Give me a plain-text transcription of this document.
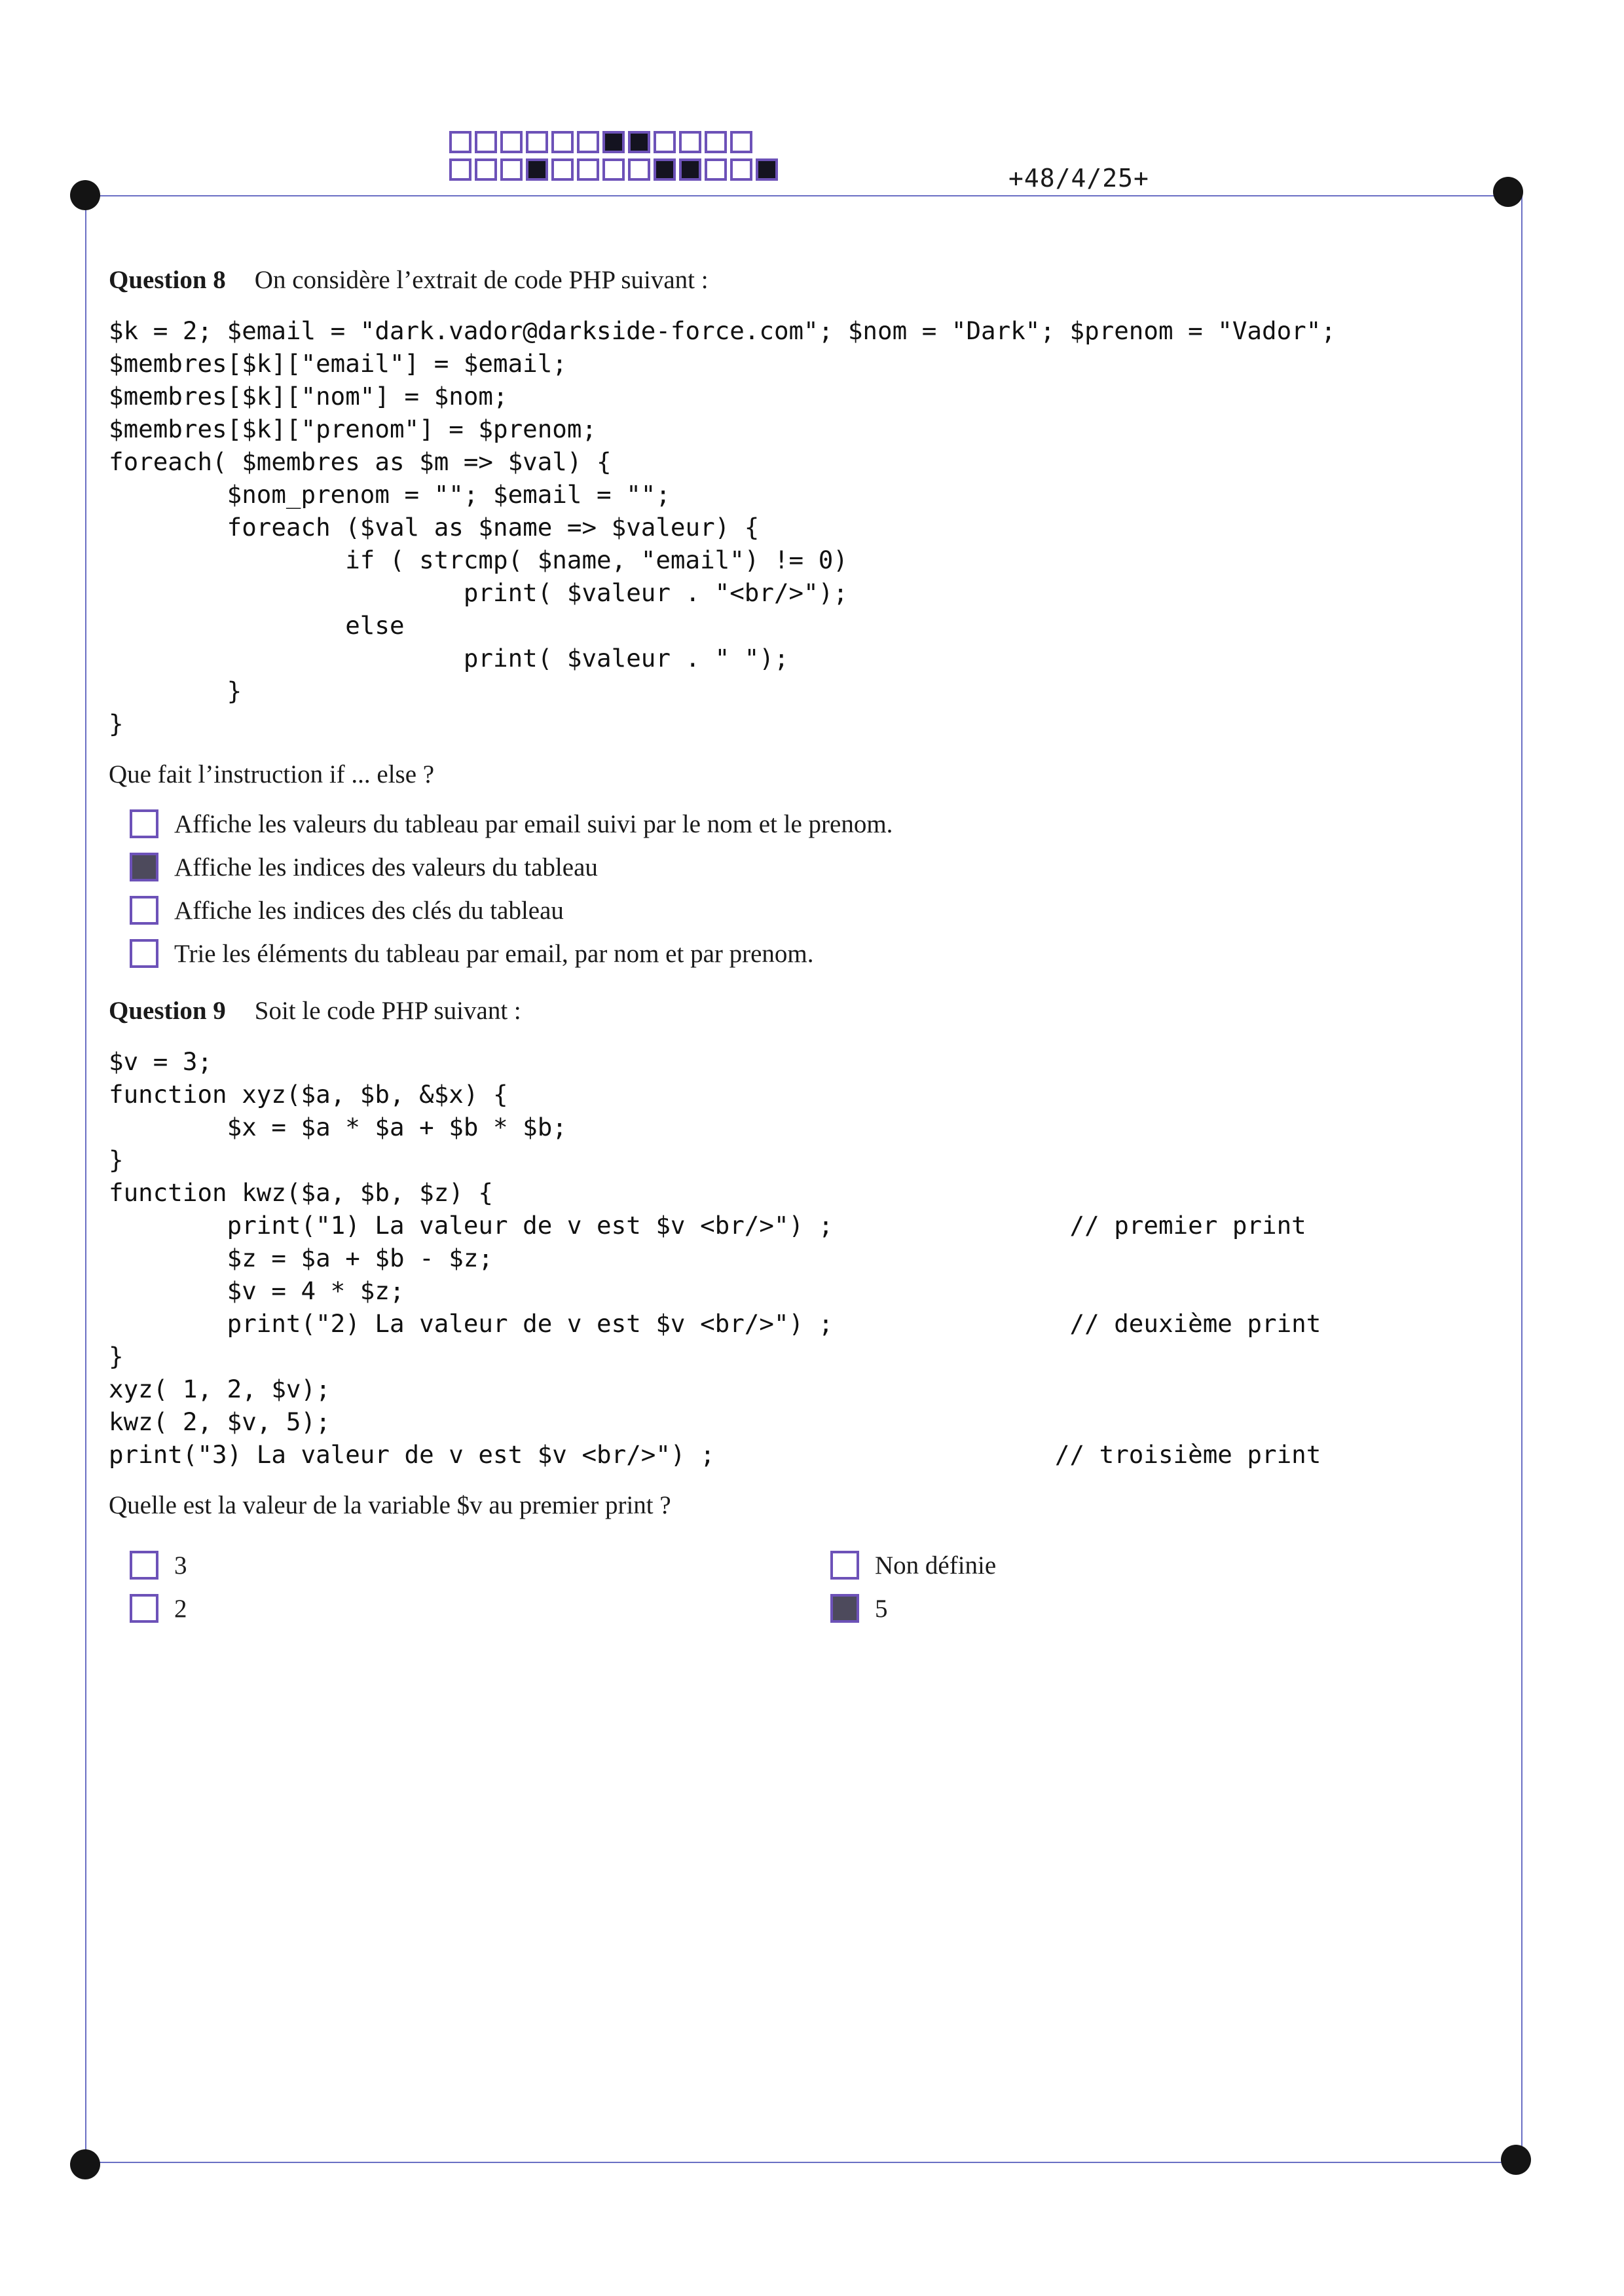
+48/4/25+

Question 8 On considère l’extrait de code PHP suivant :

$k = 2; $email = "dark.vador@darkside-force.com"; $nom = "Dark"; $prenom = "Vador";
$membres[$k]["email"] = $email;
$membres[$k]["nom"] = $nom;
$membres[$k]["prenom"] = $prenom;
foreach( $membres as $m => $val) {
$nom_prenom = ""; $email = "";
foreach ($val as $name => $valeur) {
if ( strcmp( $name, "email") != 0)
print( $valeur . "<br/>");
else
print( $valeur . " ");
}
}

Que fait l’instruction if ... else ?

Affiche les valeurs du tableau par email suivi par le nom et le prenom.
Affiche les indices des valeurs du tableau
Affiche les indices des clés du tableau
Trie les éléments du tableau par email, par nom et par prenom.

Question 9 Soit le code PHP suivant :

$v = 3;
function xyz($a, $b, &$x) {
$x = $a * $a + $b * $b;
}
function kwz($a, $b, $z) {
print("1) La valeur de v est $v <br/>") ;                // premier print
$z = $a + $b - $z;
$v = 4 * $z;
print("2) La valeur de v est $v <br/>") ;                // deuxième print
}
xyz( 1, 2, $v);
kwz( 2, $v, 5);
print("3) La valeur de v est $v <br/>") ;                       // troisième print

Quelle est la valeur de la variable $v au premier print ?

3
2
Non définie
5
